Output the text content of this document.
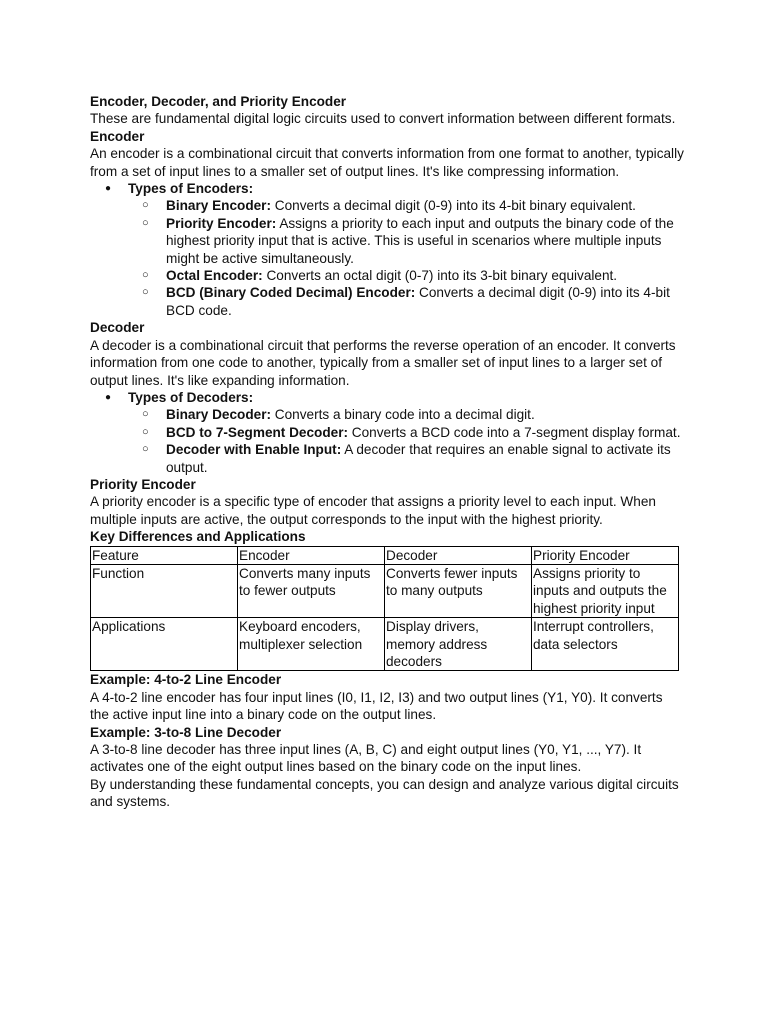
Encoder, Decoder, and Priority Encoder

These are fundamental digital logic circuits used to convert information between different formats.

Encoder

An encoder is a combinational circuit that converts information from one format to another, typically from a set of input lines to a smaller set of output lines. It's like compressing information.

● Types of Encoders:
○ Binary Encoder: Converts a decimal digit (0-9) into its 4-bit binary equivalent.
○ Priority Encoder: Assigns a priority to each input and outputs the binary code of the highest priority input that is active. This is useful in scenarios where multiple inputs might be active simultaneously.
○ Octal Encoder: Converts an octal digit (0-7) into its 3-bit binary equivalent.
○ BCD (Binary Coded Decimal) Encoder: Converts a decimal digit (0-9) into its 4-bit BCD code.

Decoder

A decoder is a combinational circuit that performs the reverse operation of an encoder. It converts information from one code to another, typically from a smaller set of input lines to a larger set of output lines. It's like expanding information.

● Types of Decoders:
○ Binary Decoder: Converts a binary code into a decimal digit.
○ BCD to 7-Segment Decoder: Converts a BCD code into a 7-segment display format.
○ Decoder with Enable Input: A decoder that requires an enable signal to activate its output.

Priority Encoder

A priority encoder is a specific type of encoder that assigns a priority level to each input. When multiple inputs are active, the output corresponds to the input with the highest priority.

Key Differences and Applications

Feature	Encoder	Decoder	Priority Encoder
Function	Converts many inputs to fewer outputs	Converts fewer inputs to many outputs	Assigns priority to inputs and outputs the highest priority input
Applications	Keyboard encoders, multiplexer selection	Display drivers, memory address decoders	Interrupt controllers, data selectors

Example: 4-to-2 Line Encoder

A 4-to-2 line encoder has four input lines (I0, I1, I2, I3) and two output lines (Y1, Y0). It converts the active input line into a binary code on the output lines.

Example: 3-to-8 Line Decoder

A 3-to-8 line decoder has three input lines (A, B, C) and eight output lines (Y0, Y1, ..., Y7). It activates one of the eight output lines based on the binary code on the input lines.

By understanding these fundamental concepts, you can design and analyze various digital circuits and systems.
